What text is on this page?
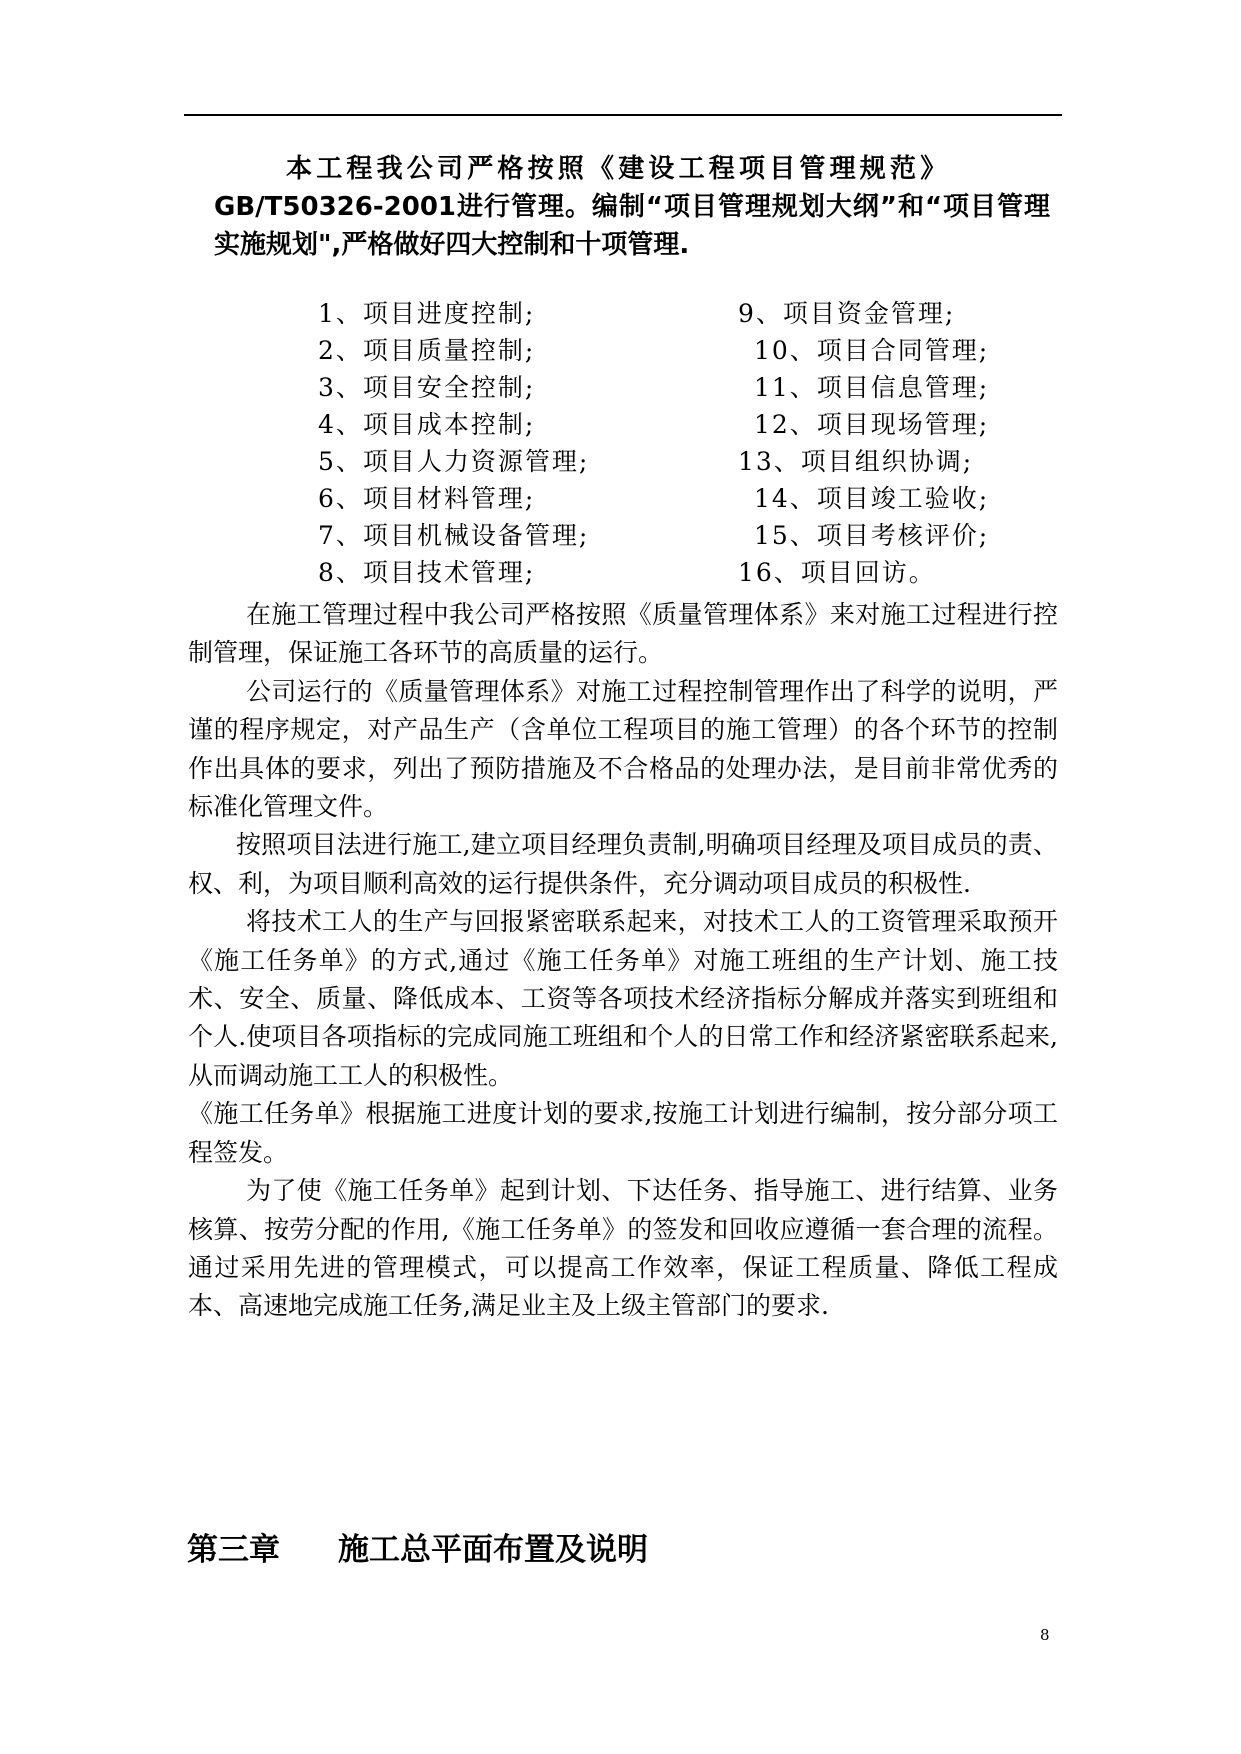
本工程我公司严格按照《建设工程项目管理规范》
GB/T50326-2001进行管理。编制“项目管理规划大纲”和“项目管理实施规划",严格做好四大控制和十项管理.
1、项目进度控制;
2、项目质量控制;
3、项目安全控制;
4、项目成本控制;
5、项目人力资源管理;
6、项目材料管理;
7、项目机械设备管理;
8、项目技术管理;
9、项目资金管理;
10、项目合同管理;
11、项目信息管理;
12、项目现场管理;
13、项目组织协调;
14、项目竣工验收;
15、项目考核评价;
16、项目回访。

在施工管理过程中我公司严格按照《质量管理体系》来对施工过程进行控制管理，保证施工各环节的高质量的运行。

公司运行的《质量管理体系》对施工过程控制管理作出了科学的说明，严谨的程序规定，对产品生产（含单位工程项目的施工管理）的各个环节的控制作出具体的要求，列出了预防措施及不合格品的处理办法，是目前非常优秀的标准化管理文件。

按照项目法进行施工,建立项目经理负责制,明确项目经理及项目成员的责、权、利，为项目顺利高效的运行提供条件，充分调动项目成员的积极性.

将技术工人的生产与回报紧密联系起来，对技术工人的工资管理采取预开《施工任务单》的方式,通过《施工任务单》对施工班组的生产计划、施工技术、安全、质量、降低成本、工资等各项技术经济指标分解成并落实到班组和个人.使项目各项指标的完成同施工班组和个人的日常工作和经济紧密联系起来,从而调动施工工人的积极性。

《施工任务单》根据施工进度计划的要求,按施工计划进行编制，按分部分项工程签发。

为了使《施工任务单》起到计划、下达任务、指导施工、进行结算、业务核算、按劳分配的作用,《施工任务单》的签发和回收应遵循一套合理的流程。通过采用先进的管理模式，可以提高工作效率，保证工程质量、降低工程成本、高速地完成施工任务,满足业主及上级主管部门的要求.

第三章 施工总平面布置及说明
8
